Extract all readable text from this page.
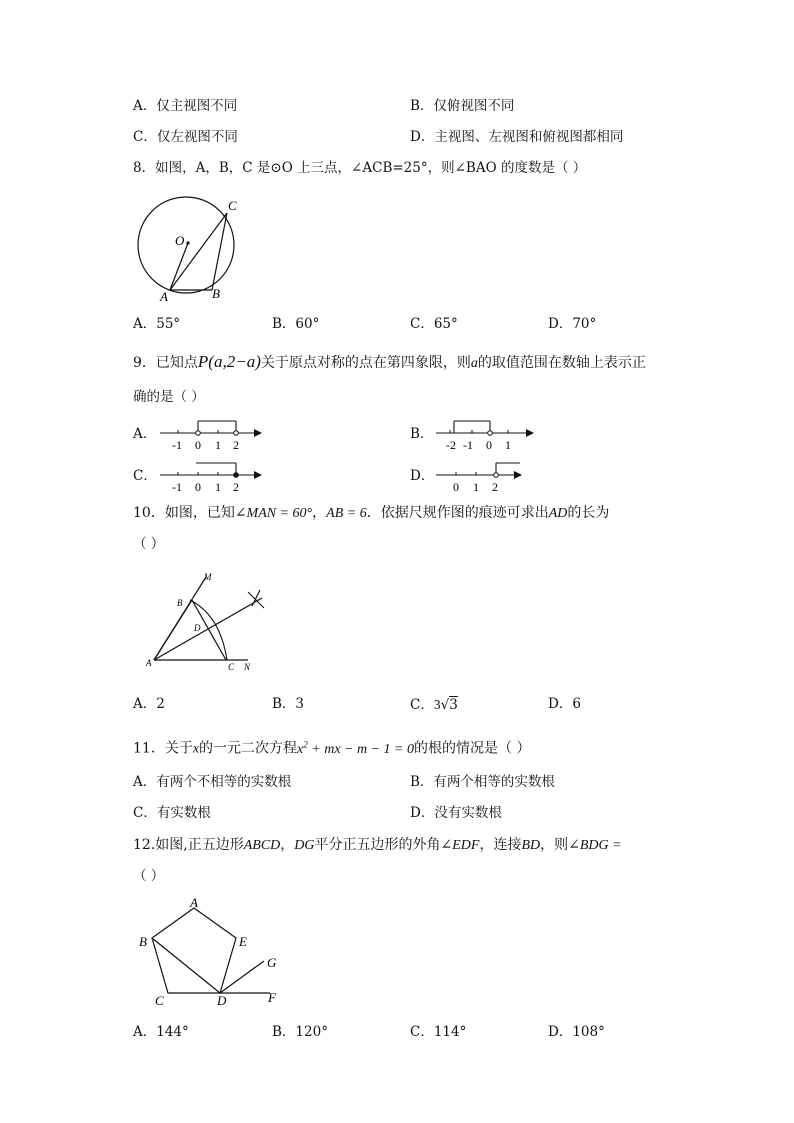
A．仅主视图不同	B．仅俯视图不同
C．仅左视图不同	D．主视图、左视图和俯视图都相同
8．如图，A，B，C 是⊙O 上三点，∠ACB=25°，则∠BAO 的度数是（ ）
O
A	B
C
A．55°	B．60°	C．65°	D．70°
9．已知点P(a,2−a)关于原点对称的点在第四象限，则a的取值范围在数轴上表示正
确的是（ ）
A．
-1 0 1 2
B．
-2 -1 0 1
C．
-1 0 1 2
D．
0 1 2
10．如图，已知∠MAN = 60°，AB = 6．依据尺规作图的痕迹可求出AD的长为
（ ）
M
B
D
A	C N
A．2	B．3	C．3√3	D．6
11．关于x的一元二次方程$x^2$ + mx − m − 1 = 0的根的情况是（ ）
A．有两个不相等的实数根	B．有两个相等的实数根
C．有实数根	D．没有实数根
12.如图,正五边形ABCD，DG平分正五边形的外角∠EDF，连接BD，则∠BDG =
（ ）
A
B
C	D
E
G
F
A．144°	B．120°	C．114°	D．108°
